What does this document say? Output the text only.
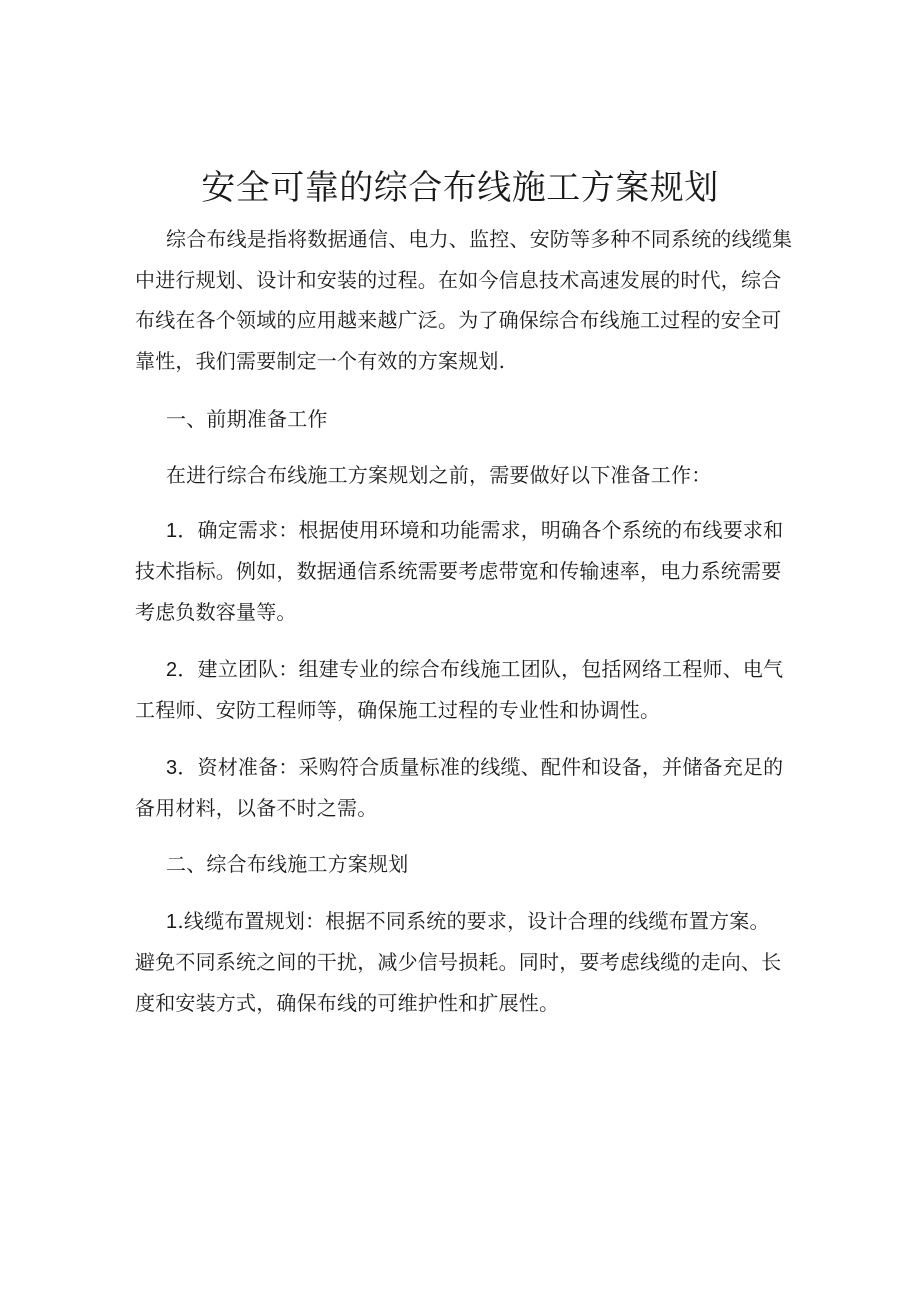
安全可靠的综合布线施工方案规划
综合布线是指将数据通信、电力、监控、安防等多种不同系统的线缆集
中进行规划、设计和安装的过程。在如今信息技术高速发展的时代，综合
布线在各个领域的应用越来越广泛。为了确保综合布线施工过程的安全可
靠性，我们需要制定一个有效的方案规划.
一、前期准备工作
在进行综合布线施工方案规划之前，需要做好以下准备工作：
1．确定需求：根据使用环境和功能需求，明确各个系统的布线要求和
技术指标。例如，数据通信系统需要考虑带宽和传输速率，电力系统需要
考虑负数容量等。
2．建立团队：组建专业的综合布线施工团队，包括网络工程师、电气
工程师、安防工程师等，确保施工过程的专业性和协调性。
3．资材准备：采购符合质量标准的线缆、配件和设备，并储备充足的
备用材料，以备不时之需。
二、综合布线施工方案规划
1.线缆布置规划：根据不同系统的要求，设计合理的线缆布置方案。
避免不同系统之间的干扰，减少信号损耗。同时，要考虑线缆的走向、长
度和安装方式，确保布线的可维护性和扩展性。
